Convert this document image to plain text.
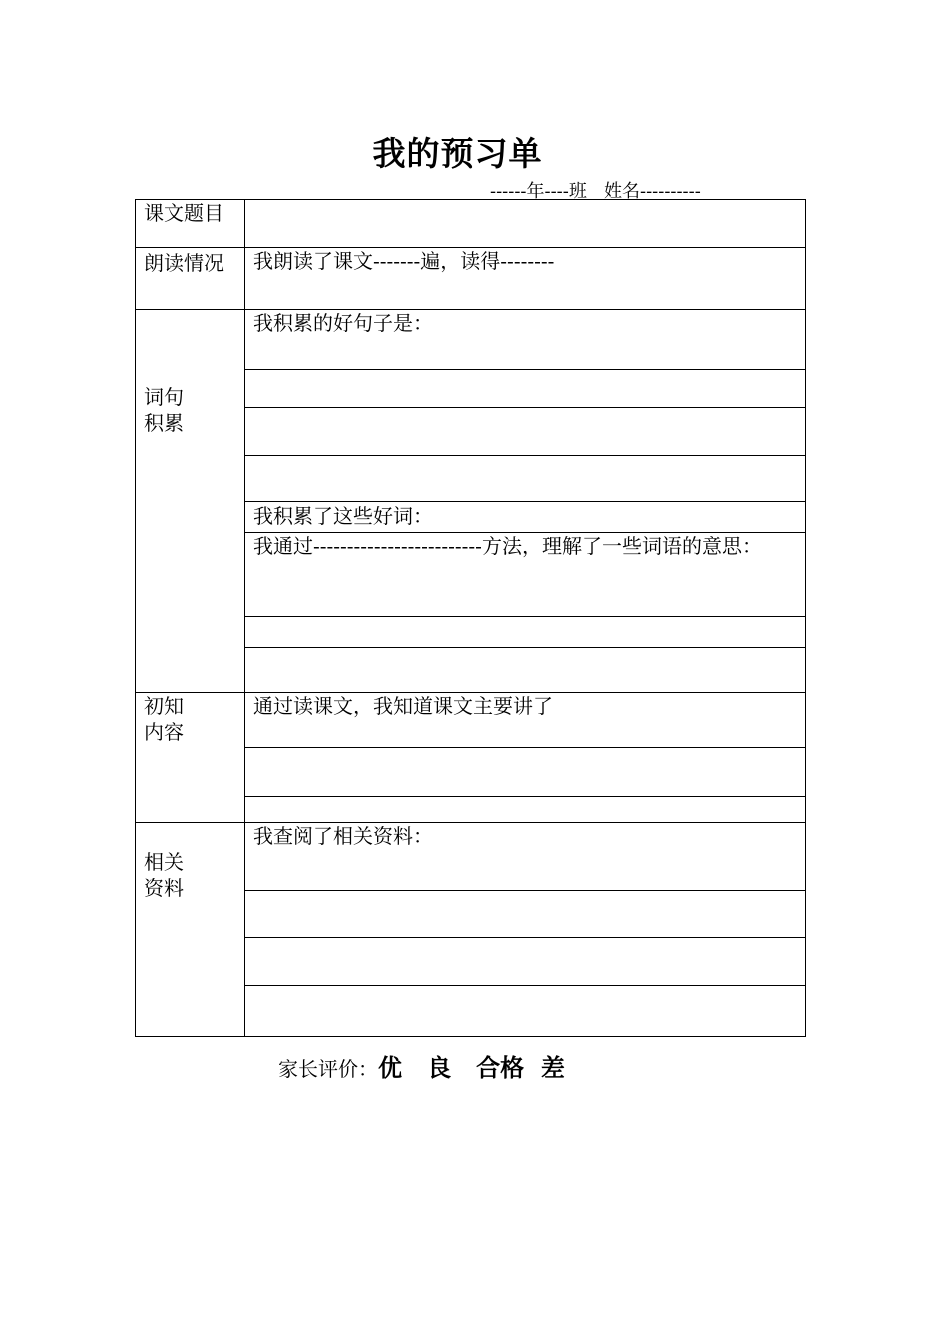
我的预习单
------年----班   姓名----------
课文题目	
朗读情况	我朗读了课文-------遍，读得--------

词句
积累	我积累的好句子是：

	我积累了这些好词：
	我通过-------------------------方法，理解了一些词语的意思：

初知
内容	通过读课文，我知道课文主要讲了

相关
资料	我查阅了相关资料：

家长评价：优   良   合格  差
